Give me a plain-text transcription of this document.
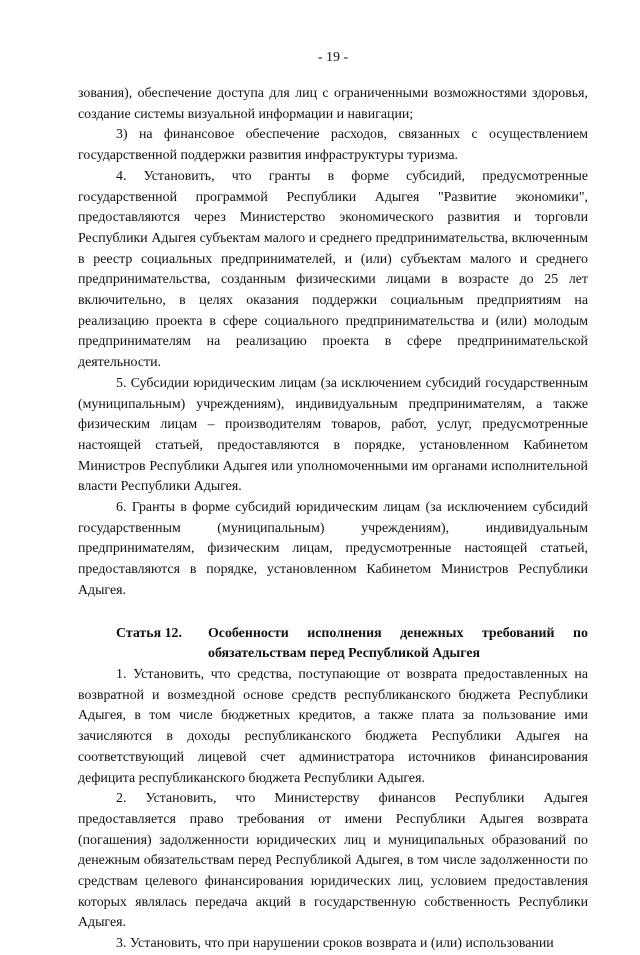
- 19 -

зования), обеспечение доступа для лиц с ограниченными возможностями здоровья, создание системы визуальной информации и навигации;

3) на финансовое обеспечение расходов, связанных с осуществлением государственной поддержки развития инфраструктуры туризма.

4. Установить, что гранты в форме субсидий, предусмотренные государственной программой Республики Адыгея "Развитие экономики", предоставляются через Министерство экономического развития и торговли Республики Адыгея субъектам малого и среднего предпринимательства, включенным в реестр социальных предпринимателей, и (или) субъектам малого и среднего предпринимательства, созданным физическими лицами в возрасте до 25 лет включительно, в целях оказания поддержки социальным предприятиям на реализацию проекта в сфере социального предпринимательства и (или) молодым предпринимателям на реализацию проекта в сфере предпринимательской деятельности.

5. Субсидии юридическим лицам (за исключением субсидий государственным (муниципальным) учреждениям), индивидуальным предпринимателям, а также физическим лицам – производителям товаров, работ, услуг, предусмотренные настоящей статьей, предоставляются в порядке, установленном Кабинетом Министров Республики Адыгея или уполномоченными им органами исполнительной власти Республики Адыгея.

6. Гранты в форме субсидий юридическим лицам (за исключением субсидий государственным (муниципальным) учреждениям), индивидуальным предпринимателям, физическим лицам, предусмотренные настоящей статьей, предоставляются в порядке, установленном Кабинетом Министров Республики Адыгея.

Статья 12.	Особенности исполнения денежных требований по обязательствам перед Республикой Адыгея

1. Установить, что средства, поступающие от возврата предоставленных на возвратной и возмездной основе средств республиканского бюджета Республики Адыгея, в том числе бюджетных кредитов, а также плата за пользование ими зачисляются в доходы республиканского бюджета Республики Адыгея на соответствующий лицевой счет администратора источников финансирования дефицита республиканского бюджета Республики Адыгея.

2. Установить, что Министерству финансов Республики Адыгея предоставляется право требования от имени Республики Адыгея возврата (погашения) задолженности юридических лиц и муниципальных образований по денежным обязательствам перед Республикой Адыгея, в том числе задолженности по средствам целевого финансирования юридических лиц, условием предоставления которых являлась передача акций в государственную собственность Республики Адыгея.

3. Установить, что при нарушении сроков возврата и (или) использовании
